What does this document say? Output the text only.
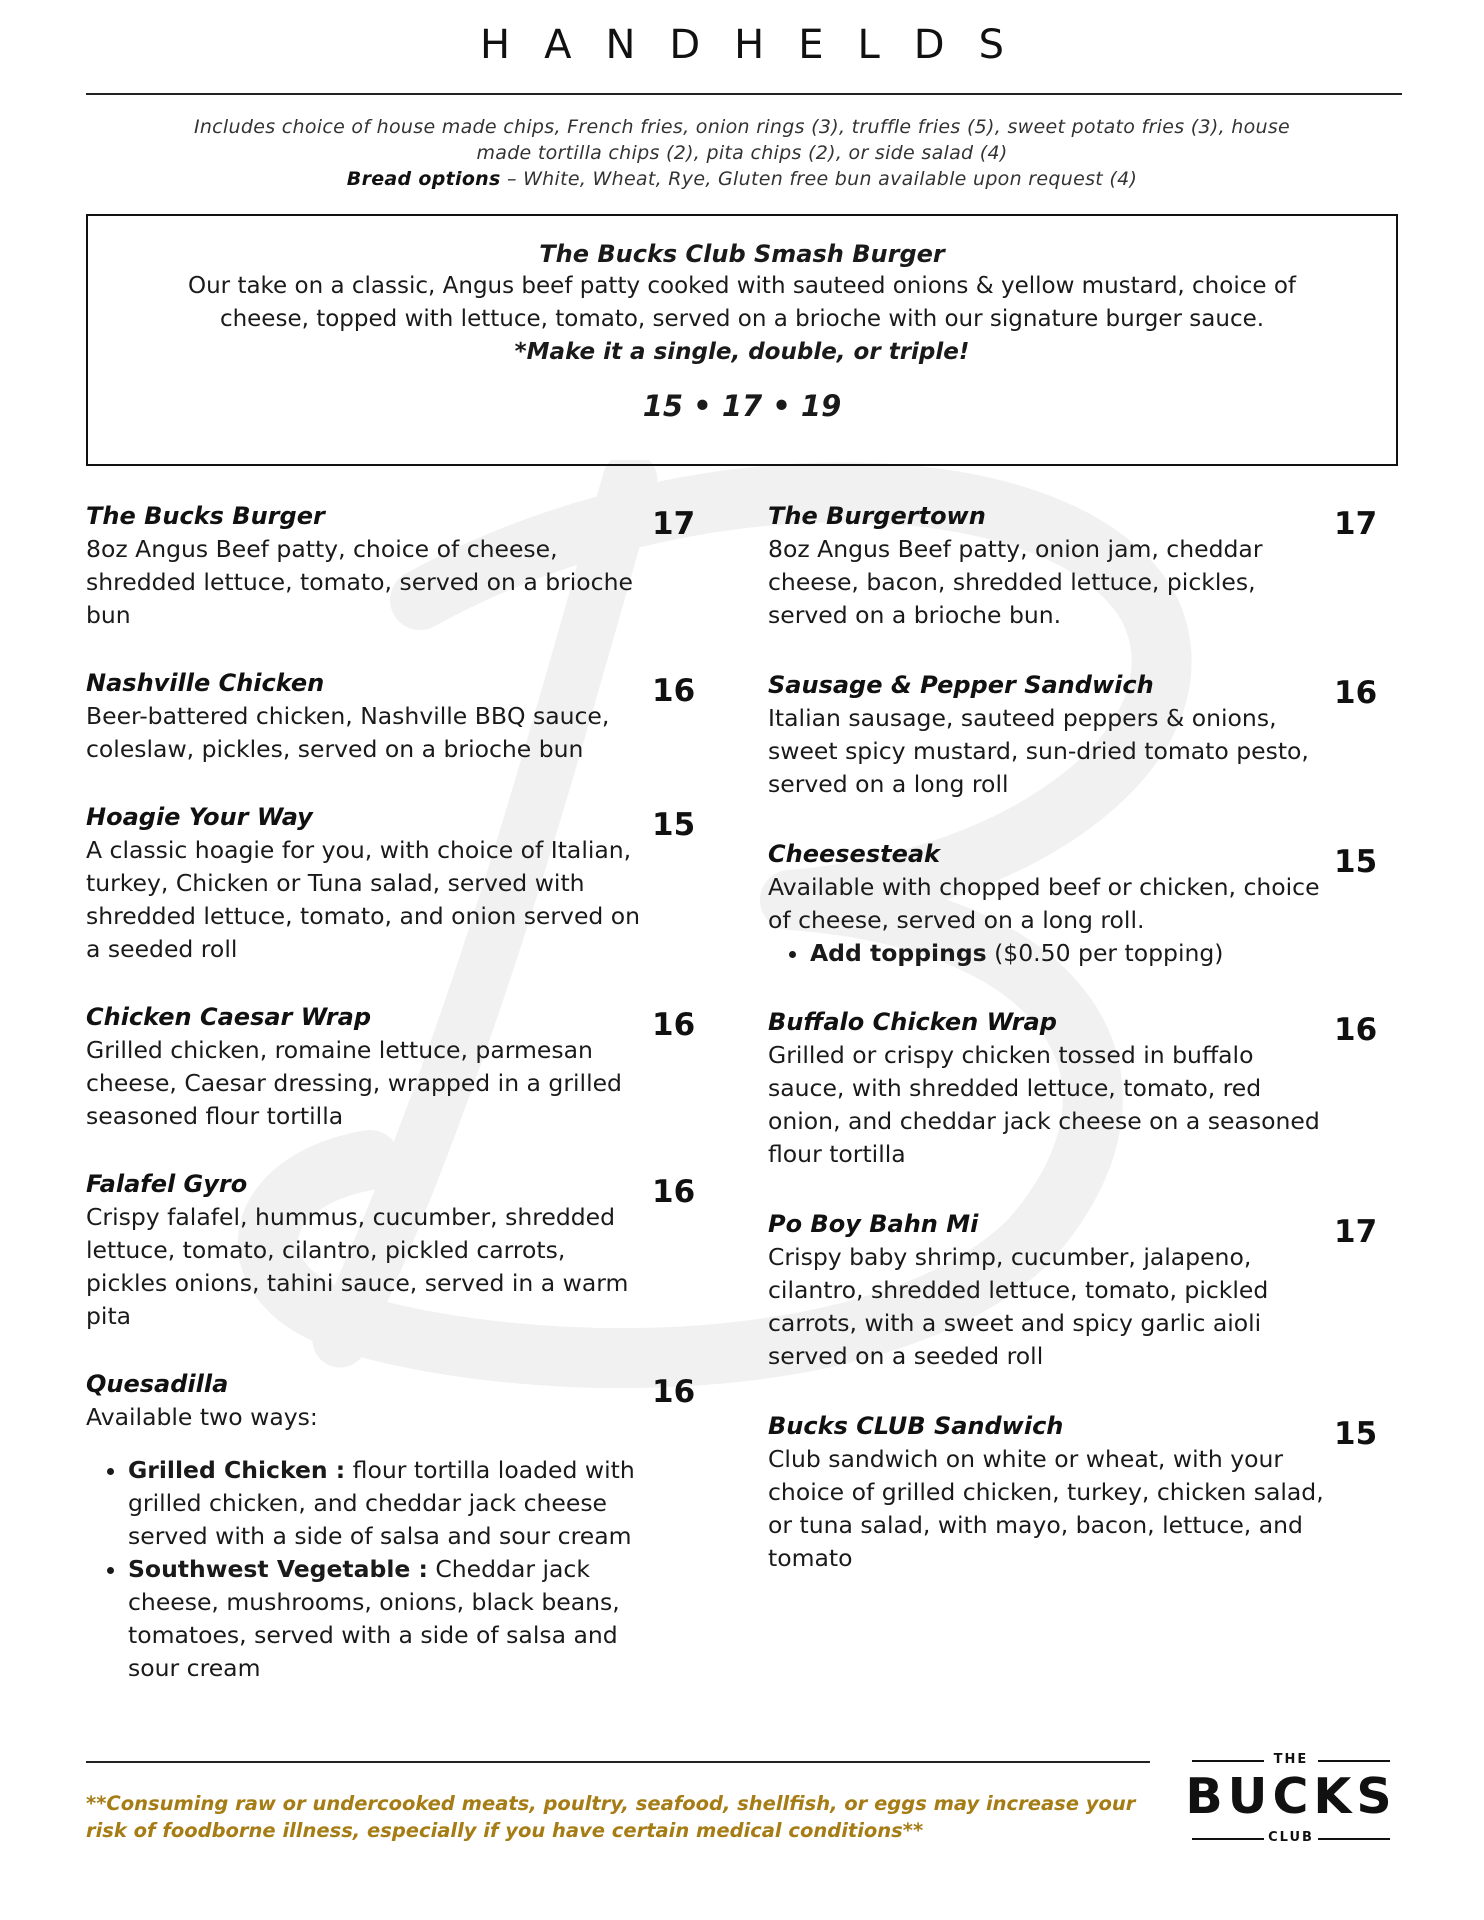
HANDHELDS
Includes choice of house made chips, French fries, onion rings (3), truffle fries (5), sweet potato fries (3), house made tortilla chips (2), pita chips (2), or side salad (4)
Bread options – White, Wheat, Rye, Gluten free bun available upon request (4)
The Bucks Club Smash Burger
Our take on a classic, Angus beef patty cooked with sauteed onions & yellow mustard, choice of cheese, topped with lettuce, tomato, served on a brioche with our signature burger sauce.
*Make it a single, double, or triple!
15 • 17 • 19
The Bucks Burger
8oz Angus Beef patty, choice of cheese, shredded lettuce, tomato, served on a brioche bun
17
Nashville Chicken
Beer-battered chicken, Nashville BBQ sauce, coleslaw, pickles, served on a brioche bun
16
Hoagie Your Way
A classic hoagie for you, with choice of Italian, turkey, Chicken or Tuna salad, served with shredded lettuce, tomato, and onion served on a seeded roll
15
Chicken Caesar Wrap
Grilled chicken, romaine lettuce, parmesan cheese, Caesar dressing, wrapped in a grilled seasoned flour tortilla
16
Falafel Gyro
Crispy falafel, hummus, cucumber, shredded lettuce, tomato, cilantro, pickled carrots, pickles onions, tahini sauce, served in a warm pita
16
Quesadilla
Available two ways:
• Grilled Chicken : flour tortilla loaded with grilled chicken, and cheddar jack cheese served with a side of salsa and sour cream
• Southwest Vegetable : Cheddar jack cheese, mushrooms, onions, black beans, tomatoes, served with a side of salsa and sour cream
16
The Burgertown
8oz Angus Beef patty, onion jam, cheddar cheese, bacon, shredded lettuce, pickles, served on a brioche bun.
17
Sausage & Pepper Sandwich
Italian sausage, sauteed peppers & onions, sweet spicy mustard, sun-dried tomato pesto, served on a long roll
16
Cheesesteak
Available with chopped beef or chicken, choice of cheese, served on a long roll.
• Add toppings ($0.50 per topping)
15
Buffalo Chicken Wrap
Grilled or crispy chicken tossed in buffalo sauce, with shredded lettuce, tomato, red onion, and cheddar jack cheese on a seasoned flour tortilla
16
Po Boy Bahn Mi
Crispy baby shrimp, cucumber, jalapeno, cilantro, shredded lettuce, tomato, pickled carrots, with a sweet and spicy garlic aioli served on a seeded roll
17
Bucks CLUB Sandwich
Club sandwich on white or wheat, with your choice of grilled chicken, turkey, chicken salad, or tuna salad, with mayo, bacon, lettuce, and tomato
15
**Consuming raw or undercooked meats, poultry, seafood, shellfish, or eggs may increase your risk of foodborne illness, especially if you have certain medical conditions**
THE
BUCKS
CLUB
